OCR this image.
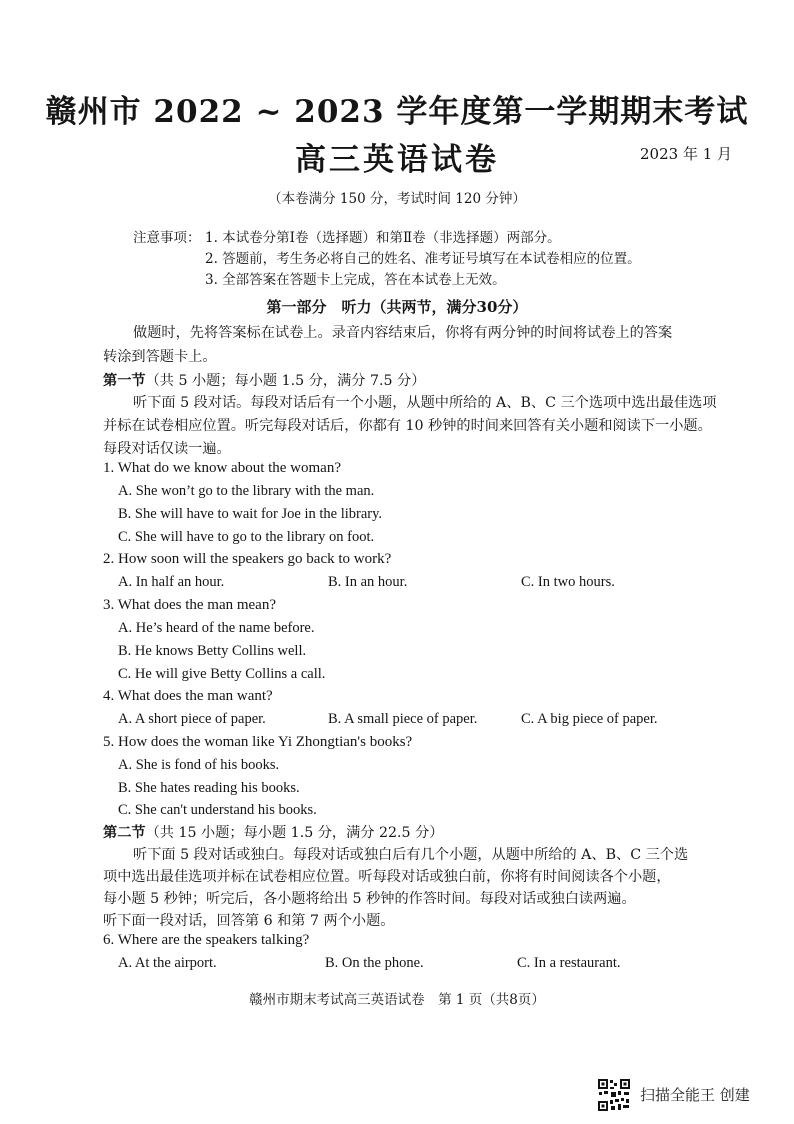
赣州市 2022 ~ 2023 学年度第一学期期末考试
高三英语试卷	2023 年 1 月
（本卷满分 150 分，考试时间 120 分钟）
注意事项： 1. 本试卷分第Ⅰ卷（选择题）和第Ⅱ卷（非选择题）两部分。
2. 答题前，考生务必将自己的姓名、准考证号填写在本试卷相应的位置。
3. 全部答案在答题卡上完成，答在本试卷上无效。
第一部分　听力（共两节，满分30分）
做题时，先将答案标在试卷上。录音内容结束后，你将有两分钟的时间将试卷上的答案
转涂到答题卡上。
第一节（共 5 小题；每小题 1.5 分，满分 7.5 分）
听下面 5 段对话。每段对话后有一个小题，从题中所给的 A、B、C 三个选项中选出最佳选项
并标在试卷相应位置。听完每段对话后，你都有 10 秒钟的时间来回答有关小题和阅读下一小题。
每段对话仅读一遍。
1. What do we know about the woman?
A. She won’t go to the library with the man.
B. She will have to wait for Joe in the library.
C. She will have to go to the library on foot.
2. How soon will the speakers go back to work?
A. In half an hour.	B. In an hour.	C. In two hours.
3. What does the man mean?
A. He’s heard of the name before.
B. He knows Betty Collins well.
C. He will give Betty Collins a call.
4. What does the man want?
A. A short piece of paper.	B. A small piece of paper.	C. A big piece of paper.
5. How does the woman like Yi Zhongtian's books?
A. She is fond of his books.
B. She hates reading his books.
C. She can't understand his books.
第二节（共 15 小题；每小题 1.5 分，满分 22.5 分）
听下面 5 段对话或独白。每段对话或独白后有几个小题，从题中所给的 A、B、C 三个选
项中选出最佳选项并标在试卷相应位置。听每段对话或独白前，你将有时间阅读各个小题，
每小题 5 秒钟；听完后，各小题将给出 5 秒钟的作答时间。每段对话或独白读两遍。
听下面一段对话，回答第 6 和第 7 两个小题。
6. Where are the speakers talking?
A. At the airport.	B. On the phone.	C. In a restaurant.
赣州市期末考试高三英语试卷　第 1 页（共8页）
扫描全能王 创建
